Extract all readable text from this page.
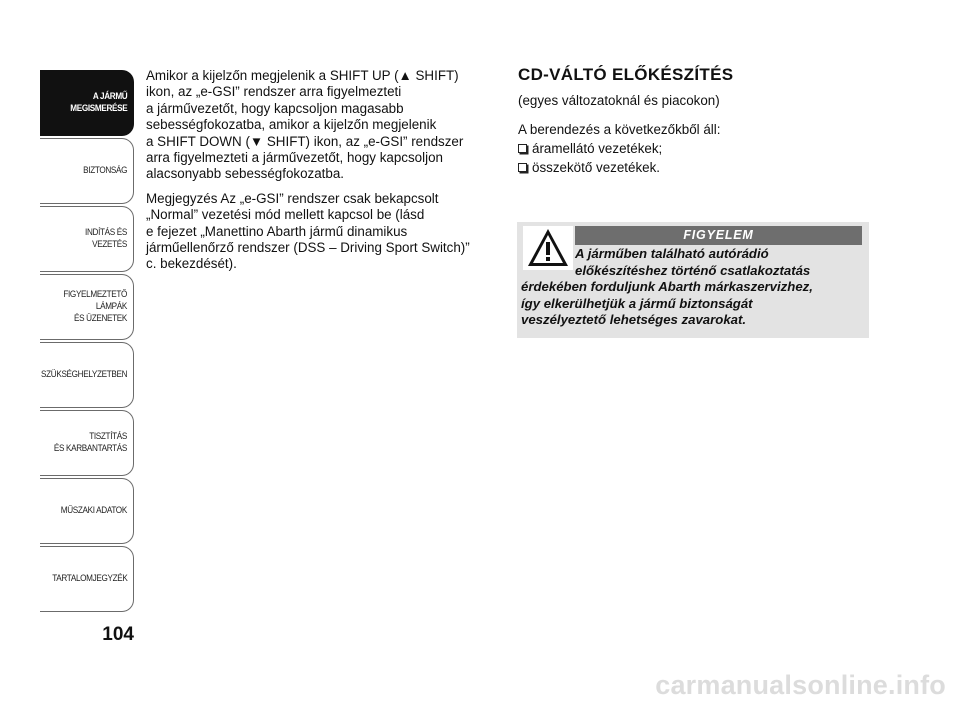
A JÁRMŰ
MEGISMERÉSE
BIZTONSÁG
INDÍTÁS ÉS VEZETÉS
FIGYELMEZTETŐ
LÁMPÁK
ÉS ÜZENETEK
SZÜKSÉGHELYZETBEN
TISZTÍTÁS
ÉS KARBANTARTÁS
MŰSZAKI ADATOK
TARTALOMJEGYZÉK
104

Amikor a kijelzőn megjelenik a SHIFT UP (▲ SHIFT)
ikon, az „e-GSI” rendszer arra figyelmezteti
a járművezetőt, hogy kapcsoljon magasabb
sebességfokozatba, amikor a kijelzőn megjelenik
a SHIFT DOWN (▼ SHIFT) ikon, az „e-GSI” rendszer
arra figyelmezteti a járművezetőt, hogy kapcsoljon
alacsonyabb sebességfokozatba.

Megjegyzés Az „e-GSI” rendszer csak bekapcsolt
„Normal” vezetési mód mellett kapcsol be (lásd
e fejezet „Manettino Abarth jármű dinamikus
járműellenőrző rendszer (DSS – Driving Sport Switch)”
c. bekezdését).

CD-VÁLTÓ ELŐKÉSZÍTÉS

(egyes változatoknál és piacokon)

A berendezés a következőkből áll:

áramellátó vezetékek;
összekötő vezetékek.
FIGYELEM
A járműben található autórádió
előkészítéshez történő csatlakoztatás
érdekében forduljunk Abarth márkaszervizhez,
így elkerülhetjük a jármű biztonságát
veszélyeztető lehetséges zavarokat.
carmanualsonline.info
